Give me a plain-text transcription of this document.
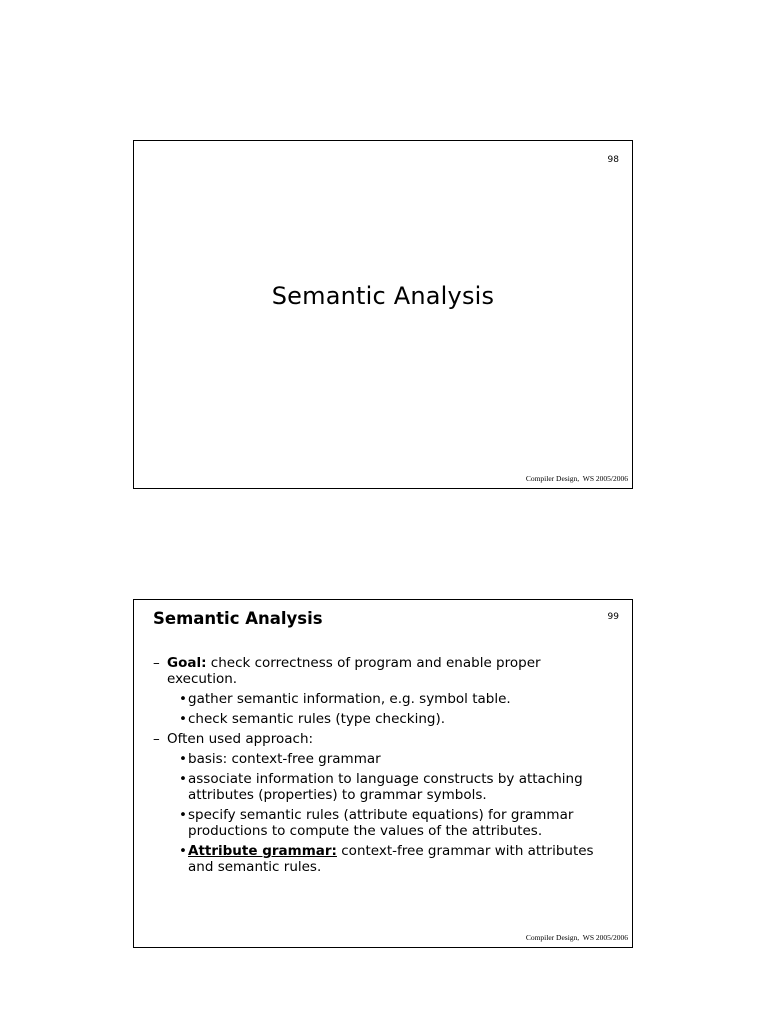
98
Semantic Analysis
Compiler Design,  WS 2005/2006
Semantic Analysis	99
– Goal: check correctness of program and enable proper execution.
• gather semantic information, e.g. symbol table.
• check semantic rules (type checking).
– Often used approach:
• basis: context-free grammar
• associate information to language constructs by attaching attributes (properties) to grammar symbols.
• specify semantic rules (attribute equations) for grammar productions to compute the values of the attributes.
• Attribute grammar: context-free grammar with attributes and semantic rules.
Compiler Design,  WS 2005/2006
